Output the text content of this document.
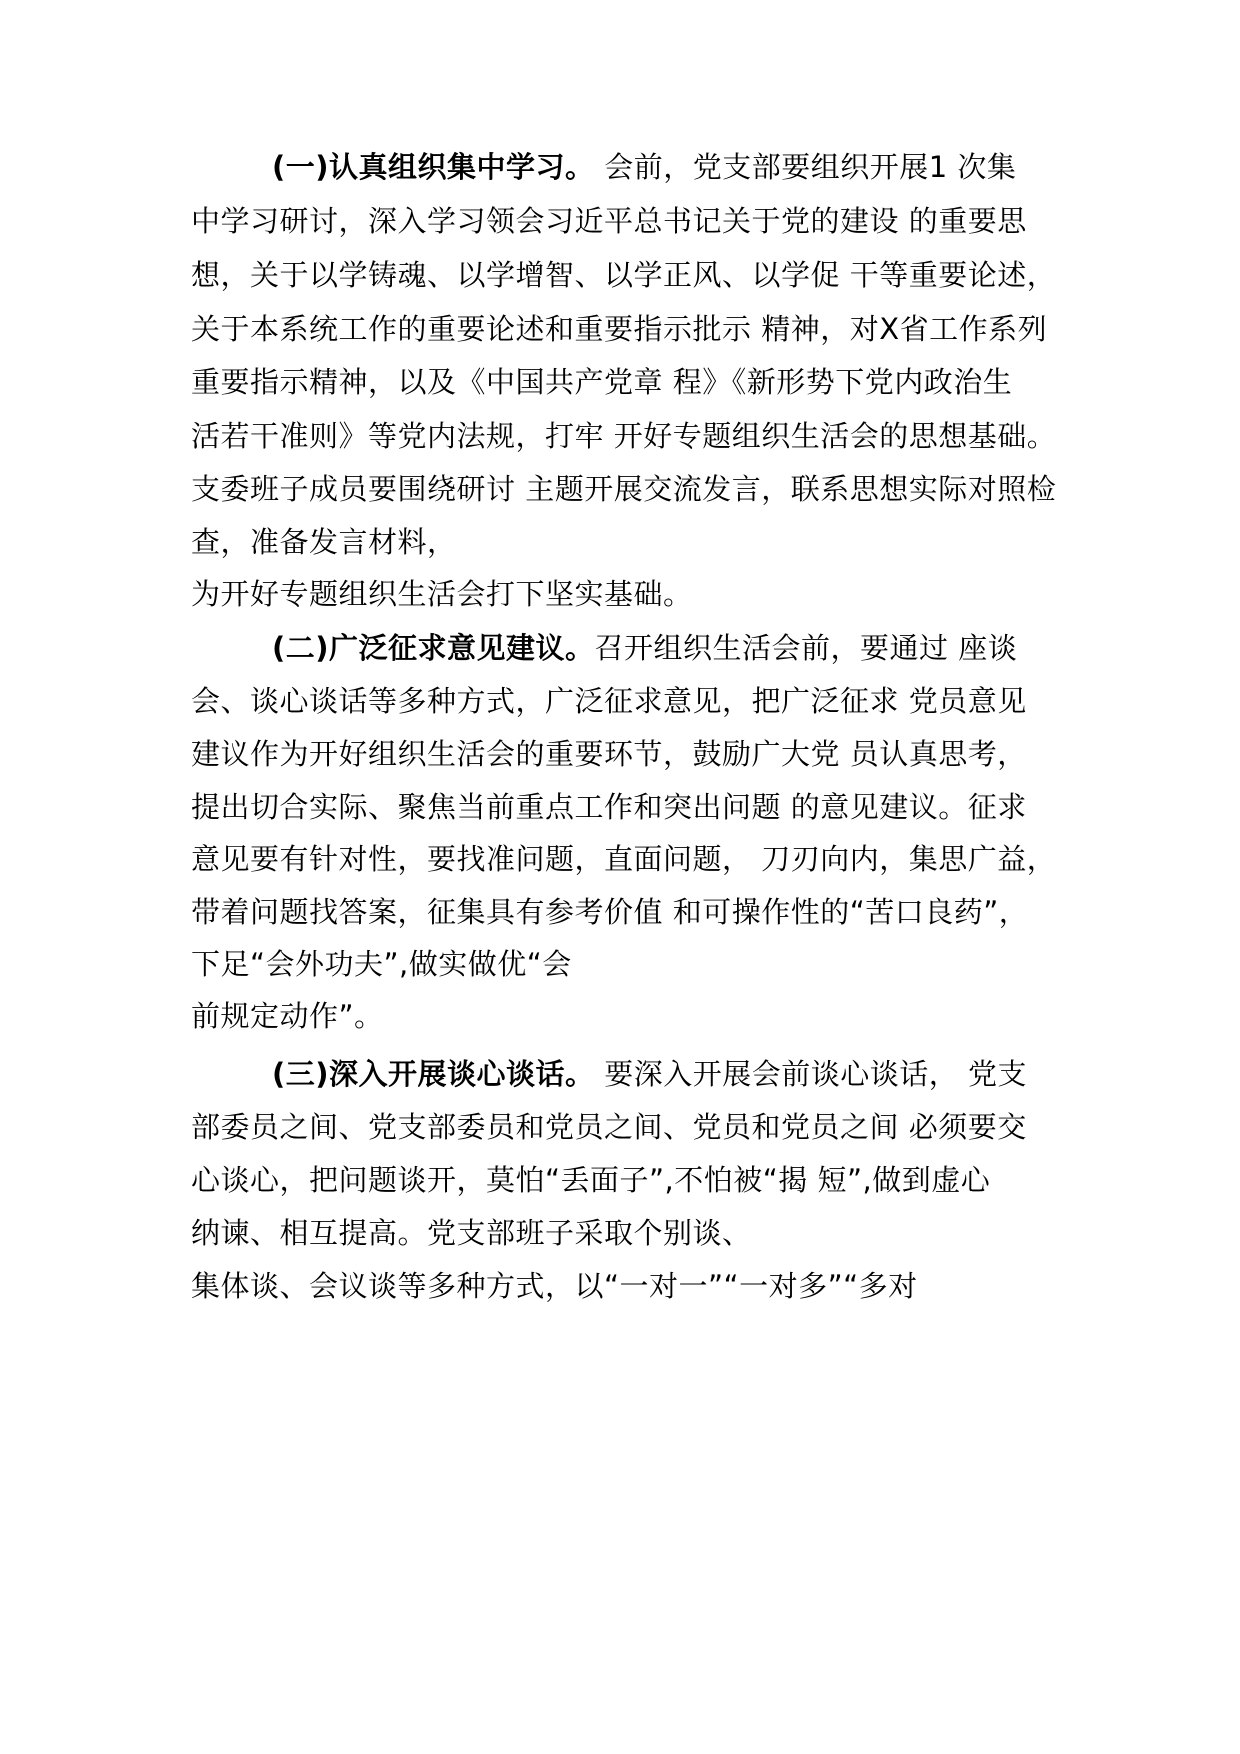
(一)认真组织集中学习。 会前，党支部要组织开展1 次集
中学习研讨，深入学习领会习近平总书记关于党的建设 的重要思
想，关于以学铸魂、以学增智、以学正风、以学促 干等重要论述，
关于本系统工作的重要论述和重要指示批示 精神，对X省工作系列
重要指示精神，以及《中国共产党章 程》《新形势下党内政治生
活若干准则》等党内法规，打牢 开好专题组织生活会的思想基础。
支委班子成员要围绕研讨 主题开展交流发言，联系思想实际对照检
查，准备发言材料，
为开好专题组织生活会打下坚实基础。
(二)广泛征求意见建议。召开组织生活会前，要通过 座谈
会、谈心谈话等多种方式，广泛征求意见，把广泛征求 党员意见
建议作为开好组织生活会的重要环节，鼓励广大党 员认真思考，
提出切合实际、聚焦当前重点工作和突出问题 的意见建议。征求
意见要有针对性，要找准问题，直面问题， 刀刃向内，集思广益，
带着问题找答案，征集具有参考价值 和可操作性的“苦口良药”，
下足“会外功夫”,做实做优“会
前规定动作”。
(三)深入开展谈心谈话。 要深入开展会前谈心谈话， 党支
部委员之间、党支部委员和党员之间、党员和党员之间 必须要交
心谈心，把问题谈开，莫怕“丢面子”,不怕被“揭 短”,做到虚心
纳谏、相互提高。党支部班子采取个别谈、
集体谈、会议谈等多种方式，以“一对一”“一对多”“多对
